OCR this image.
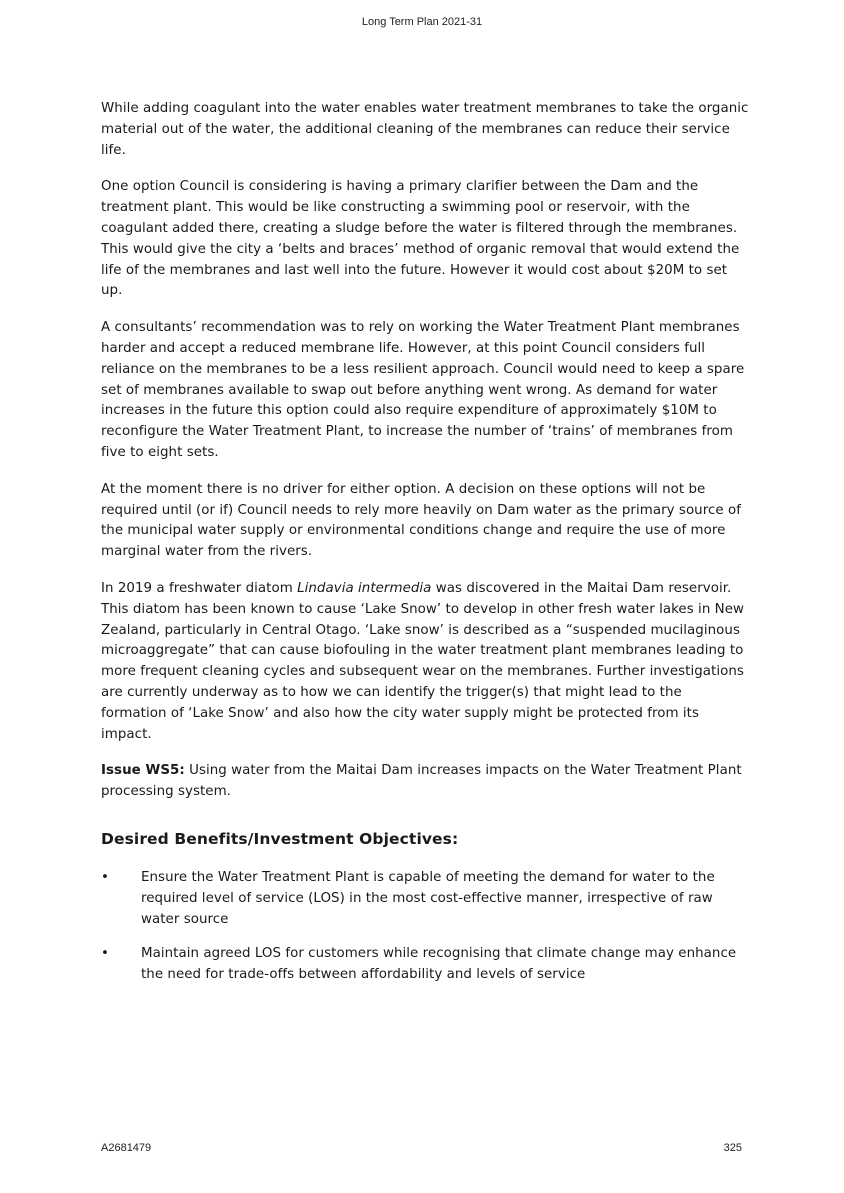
Long Term Plan 2021-31

While adding coagulant into the water enables water treatment membranes to take the organic material out of the water, the additional cleaning of the membranes can reduce their service life.

One option Council is considering is having a primary clarifier between the Dam and the treatment plant. This would be like constructing a swimming pool or reservoir, with the coagulant added there, creating a sludge before the water is filtered through the membranes. This would give the city a ‘belts and braces’ method of organic removal that would extend the life of the membranes and last well into the future. However it would cost about $20M to set up.

A consultants’ recommendation was to rely on working the Water Treatment Plant membranes harder and accept a reduced membrane life. However, at this point Council considers full reliance on the membranes to be a less resilient approach. Council would need to keep a spare set of membranes available to swap out before anything went wrong. As demand for water increases in the future this option could also require expenditure of approximately $10M to reconfigure the Water Treatment Plant, to increase the number of ‘trains’ of membranes from five to eight sets.

At the moment there is no driver for either option. A decision on these options will not be required until (or if) Council needs to rely more heavily on Dam water as the primary source of the municipal water supply or environmental conditions change and require the use of more marginal water from the rivers.

In 2019 a freshwater diatom Lindavia intermedia was discovered in the Maitai Dam reservoir. This diatom has been known to cause ‘Lake Snow’ to develop in other fresh water lakes in New Zealand, particularly in Central Otago. ‘Lake snow’ is described as a “suspended mucilaginous microaggregate” that can cause biofouling in the water treatment plant membranes leading to more frequent cleaning cycles and subsequent wear on the membranes. Further investigations are currently underway as to how we can identify the trigger(s) that might lead to the formation of ‘Lake Snow’ and also how the city water supply might be protected from its impact.

Issue WS5: Using water from the Maitai Dam increases impacts on the Water Treatment Plant processing system.

Desired Benefits/Investment Objectives:
•	Ensure the Water Treatment Plant is capable of meeting the demand for water to the required level of service (LOS) in the most cost-effective manner, irrespective of raw water source
•	Maintain agreed LOS for customers while recognising that climate change may enhance the need for trade-offs between affordability and levels of service
A2681479	325
